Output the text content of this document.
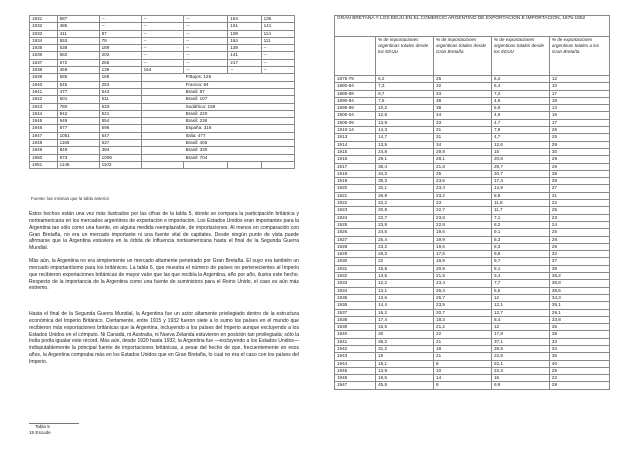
1931	587	--	--	--	154	135
1932	485	--	--	--	161	141
1933	411	87	--	--	108	114
1934	553	79	--	--	164	111
1935	538	189	--	--	139	--
1936	582	202	--	--	141	--
1937	672	255	--	--	217	--
1938	459	139	164	--	--	--
1939	585	189	P.Bajos: 128			
1940	545	253	Francia: 84			
1941	477	543	Brasil: 87			
1942	601	511	Brasil: 107			
1943	780	533	Sudáfrica: 159			
1944	942	521	Brasil: 220			
1945	649	554	Brasil: 238			
1946	877	596	España: 316			
1947	1051	547	Italia: 477			
1948	1166	537	Brasil: 405			
1949	849	394	Brasil: 330			
1950	973	1009	Brasil: 704			
1951	1148	1103				
Fuente: las mismas que la tabla anterior

Estos hechos están una vez más ilustrados por las cifras de la tabla 5, donde se compara la participación británica y norteamericana en los mercados argentinos de exportación e importación. Los Estados Unidos eran importantes para la Argentina tan sólo como una fuente, en alguna medida reemplazable, de importaciones. Al menos en comparación con Gran Bretaña, no era un mercado importante ni una fuente vital de capitales. Desde ningún punto de vista puede afirmarse que la Argentina estuviera en la órbita de influencia norteamericana hasta el final de la Segunda Guerra Mundial.

Más aún, la Argentina no era simplemente un mercado altamente penetrado por Gran Bretaña. El suyo era también un mercado importantísimo para los británicos. La tabla 6, que muestra el número de países no pertenecientes al Imperio que recibieron exportaciones británicas de mayor valor que las que recibía la Argentina, año por año, ilustra este hecho. Respecto de la importancia de la Argentina como una fuente de suministros para el Reino Unido, el caso es aún más extremo.

Hasta el final de la Segunda Guerra Mundial, la Argentina fue un actor altamente privilegiado dentro de la estructura económica del Imperio Británico. Ciertamente, entre 1915 y 1932 fueron siete a lo sumo los países en el mundo que recibieron más exportaciones británicas que la Argentina, incluyendo a los países del Imperio aunque excluyendo a los Estados Unidos en el cómputo. Ni Canadá, ni Australia, ni Nueva Zelanda estuvieron en posición tan privilegiada; sólo la India podía igualar este récord. Más aún, desde 1920 hasta 1932, la Argentina fue —excluyendo a los Estados Unidos— indisputablemente la principal fuente de importaciones británicas, a pesar del hecho de que, frecuentemente en esos años, la Argentina compraba más en los Estados Unidos que en Gran Bretaña, lo cual no era el caso con los países del Imperio.

Tabla 5
15 Escude
GRAN BRETAÑA Y LOS EEUU EN EL COMERCIO ARGENTINO DE EXPORTACION E IMPORTACION, 1875-1952				
	% de importaciones argentinas totales desde los EEUU	% de importaciones argentinas totales desde Gran Bretaña	% de exportaciones argentinas totales desde los EEUU	% de exportaciones argentinas totales a los Gran Bretaña
1875-79	6,2	25	6,2	12
1880-84	7,3	32	6,4	10
1885-89	8,7	34	7,2	17
1890-94	7,5	38	4,6	18
1895-99	10,2	38	5,9	13
1900-04	12,8	34	4,6	16
1905-09	13,9	33	4,7	17
1910-14	14,3	31	7,8	26
1913	14,7	31	4,7	25
1914	13,5	34	12,6	29
1915	24,8	29,8	15	30
1916	29,1	28,1	20,8	29
1917	36,4	21,8	29,7	29
1918	34,3	25	20,7	38
1919	35,3	23,6	17,4	29
1920	32,1	23,4	14,9	27
1921	26,9	23,2	8,8	31
1922	22,2	23	11,8	22
1923	20,9	22,7	11,7	25
1924	22,7	23,6	7,1	23
1925	23,9	22,8	8,2	24
1926	24,6	19,6	9,1	25
1927	25,4	19,9	8,3	28
1928	23,2	19,6	8,3	28
1929	26,3	17,6	9,8	32
1930	22	19,9	9,7	37
1931	15,8	20,9	6,1	39
1932	13,5	21,5	3,4	36,2
1933	12,2	23,4	7,7	36,8
1934	13,1	26,3	5,5	38,5
1935	13,6	25,7	12	34,3
1936	14,4	23,5	12,1	35,1
1937	16,2	20,7	12,7	29,1
1938	17,4	18,3	8,4	33,8
1939	16,5	21,2	12	35
1940	30	22	17,8	38
1941	35,2	21	37,1	33
1942	31,2	18	28,5	34
1943	19	21	22,8	36
1944	15,1	8	22,1	40
1945	13,9	10	22,3	25
1946	16,5	14	15	22
1947	45,8	8	9,9	29
